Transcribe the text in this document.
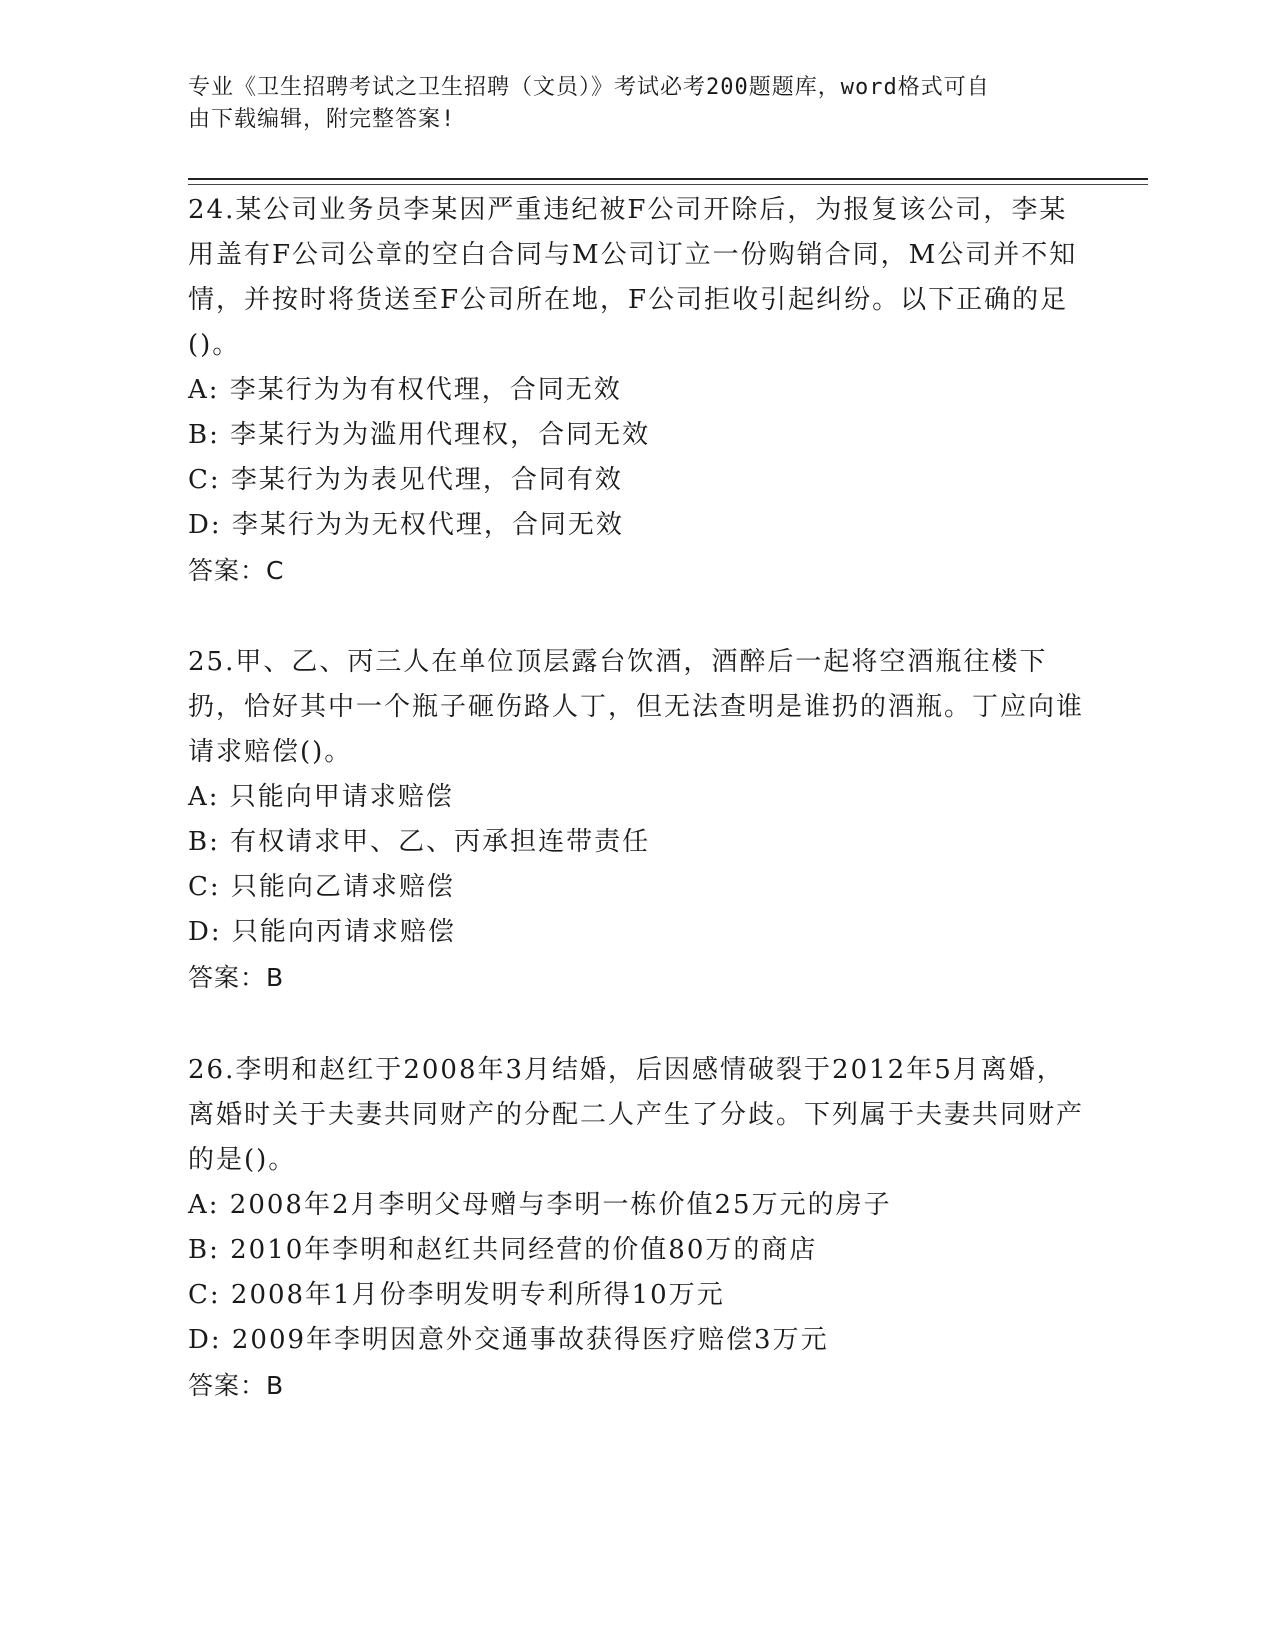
专业《卫生招聘考试之卫生招聘（文员）》考试必考200题题库，word格式可自
由下载编辑，附完整答案!

24.某公司业务员李某因严重违纪被F公司开除后，为报复该公司，李某用盖有F公司公章的空白合同与M公司订立一份购销合同，M公司并不知情，并按时将货送至F公司所在地，F公司拒收引起纠纷。以下正确的足()。

A: 李某行为为有权代理，合同无效

B: 李某行为为滥用代理权，合同无效

C: 李某行为为表见代理，合同有效

D: 李某行为为无权代理，合同无效

答案：C

25.甲、乙、丙三人在单位顶层露台饮酒，酒醉后一起将空酒瓶往楼下扔，恰好其中一个瓶子砸伤路人丁，但无法查明是谁扔的酒瓶。丁应向谁请求赔偿()。

A: 只能向甲请求赔偿

B: 有权请求甲、乙、丙承担连带责任

C: 只能向乙请求赔偿

D: 只能向丙请求赔偿

答案：B

26.李明和赵红于2008年3月结婚，后因感情破裂于2012年5月离婚，离婚时关于夫妻共同财产的分配二人产生了分歧。下列属于夫妻共同财产的是()。

A: 2008年2月李明父母赠与李明一栋价值25万元的房子

B: 2010年李明和赵红共同经营的价值80万的商店

C: 2008年1月份李明发明专利所得10万元

D: 2009年李明因意外交通事故获得医疗赔偿3万元

答案：B
